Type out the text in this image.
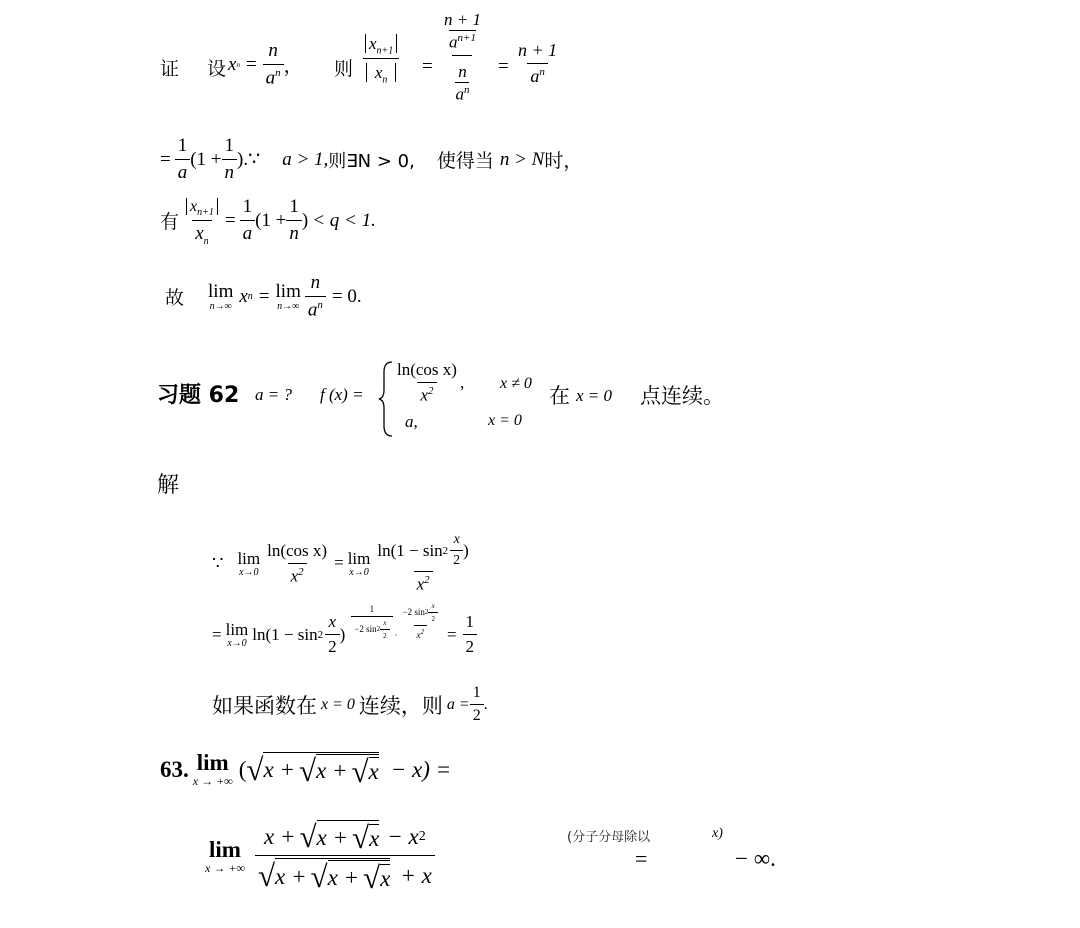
证 设 x $n = \frac{n}{a^n}$ ， 则 $\frac{x_{n+1}}{x_n}$ =
n + 1
$a^{n+1}$
n
$a^n$
= $\frac{n + 1}{a^n}$
= $\frac{1}{a} (1 + \frac{1}{n}$ ).∵ a > 1, 则∃N > 0, 使得当 n > N 时，
有 $\frac{x_{n+1}}{x_n} = \frac{1}{a} (1 + \frac{1}{n}$ ) < q < 1.
故 lim
n→∞ x n = lim
$n\to\infty \frac{n}{a^n} = 0$.
习题 62 a = ? f $(x) = \frac{\text{ln(cos x)}}{x^2}$ , x ≠ 0
a,	x = 0
在 x = 0 点连续。
解
∵ lim
$x\to 0 \frac{\text{ln(cos x)}}{x^2} = \lim$
x→0
$\ln(1 - \sin 2 \frac{x}{2}$ )
$x^2$
= lim
x→0 $\ln(1 - \sin 2 \frac{x}{2}$ ) $\frac{1}{-2 \sin 2 \frac{x}{2}} \cdot \frac{-2 \sin 2 \frac{x}{2}}{x^2} = \frac{1}{2}$
如果函数在 x = 0 连续，则 $a = \frac{1}{2}$ .
63 . lim
x → +∞ ( √ x + √ x + √ x − x) =
lim
x → +∞
x + √ x + √ x − x 2
√ x + √ x + √ x + x
(分子分母除以	x)
=	− ∞.
